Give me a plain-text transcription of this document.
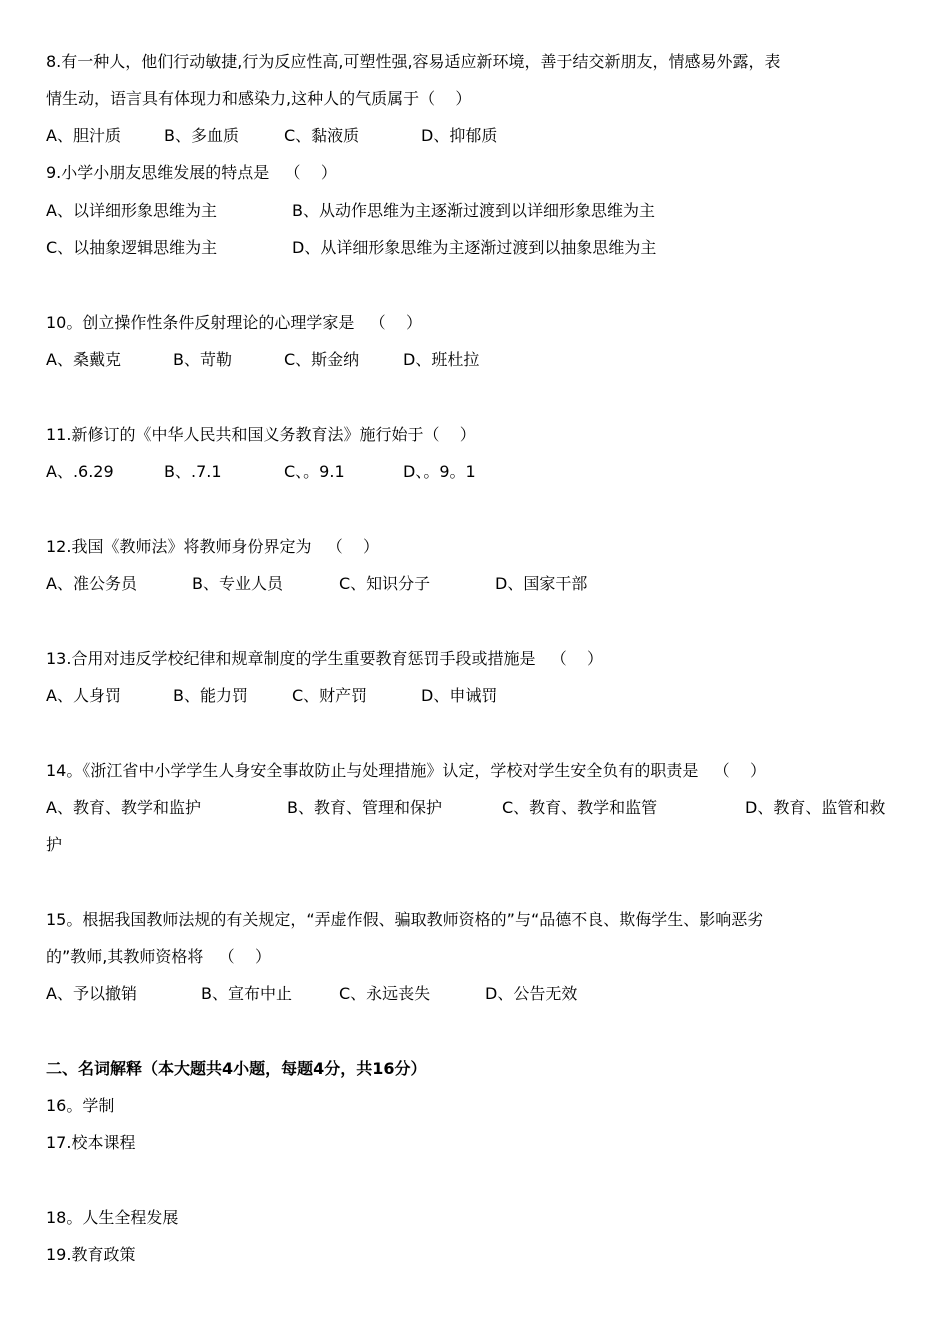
8.有一种人，他们行动敏捷,行为反应性高,可塑性强,容易适应新环境，善于结交新朋友，情感易外露，表
情生动，语言具有体现力和感染力,这种人的气质属于（    ）
A、胆汁质	B、多血质	C、黏液质	D、抑郁质
9.小学小朋友思维发展的特点是   （    ）
A、以详细形象思维为主	B、从动作思维为主逐渐过渡到以详细形象思维为主
C、以抽象逻辑思维为主	D、从详细形象思维为主逐渐过渡到以抽象思维为主
10。创立操作性条件反射理论的心理学家是   （    ）
A、桑戴克	B、苛勒	C、斯金纳	D、班杜拉
11.新修订的《中华人民共和国义务教育法》施行始于（    ）
A、.6.29	B、.7.1	C、。9.1	D、。9。1
12.我国《教师法》将教师身份界定为   （    ）
A、准公务员	B、专业人员	C、知识分子	D、国家干部
13.合用对违反学校纪律和规章制度的学生重要教育惩罚手段或措施是   （    ）
A、人身罚	B、能力罚	C、财产罚	D、申诫罚
14。《浙江省中小学学生人身安全事故防止与处理措施》认定，学校对学生安全负有的职责是   （    ）
A、教育、教学和监护	B、教育、管理和保护	C、教育、教学和监管	D、教育、监管和救
护
15。根据我国教师法规的有关规定，“弄虚作假、骗取教师资格的”与“品德不良、欺侮学生、影响恶劣
的”教师,其教师资格将   （    ）
A、予以撤销	B、宣布中止	C、永远丧失	D、公告无效
二、名词解释（本大题共4小题，每题4分，共16分）
16。学制
17.校本课程
18。人生全程发展
19.教育政策
